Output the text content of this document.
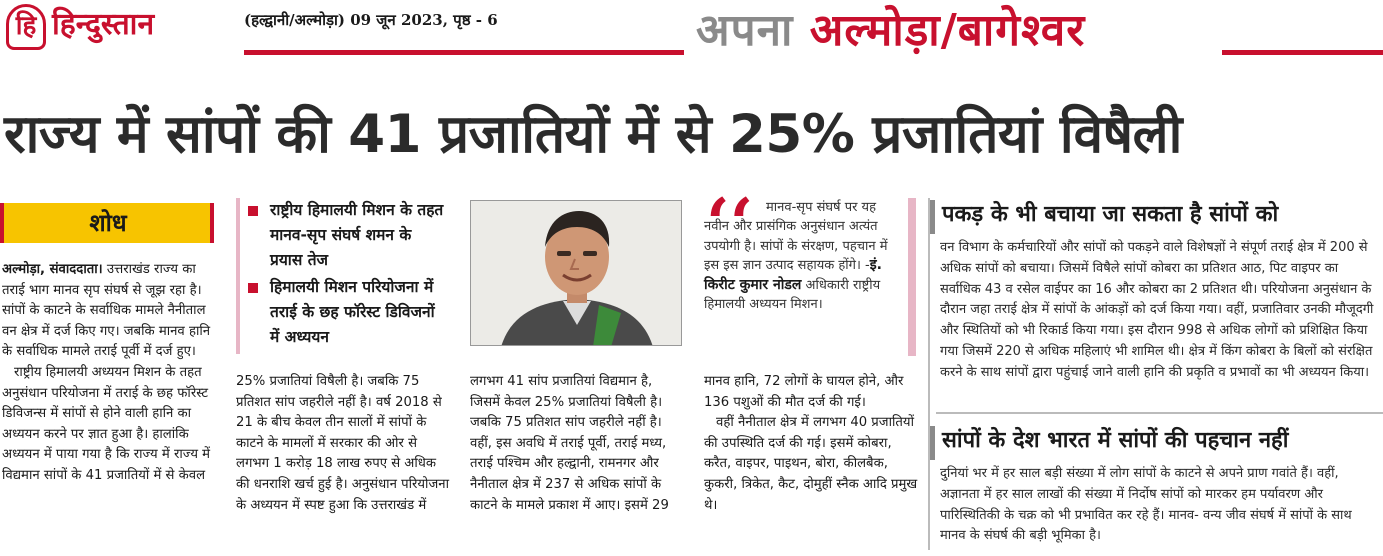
हि हिन्दुस्तान	(हल्द्वानी/अल्मोड़ा) 09 जून 2023, पृष्ठ - 6	अपना अल्मोड़ा/बागेश्वर
राज्य में सांपों की 41 प्रजातियों में से 25% प्रजातियां विषैली
शोध

अल्मोड़ा, संवाददाता। उत्तराखंड राज्य का तराई भाग मानव सृप संघर्ष से जूझ रहा है। सांपों के काटने के सर्वाधिक मामले नैनीताल वन क्षेत्र में दर्ज किए गए। जबकि मानव हानि के सर्वाधिक मामले तराई पूर्वी में दर्ज हुए।

राष्ट्रीय हिमालयी अध्ययन मिशन के तहत अनुसंधान परियोजना में तराई के छह फॉरेस्ट डिविजन्स में सांपों से होने वाली हानि का अध्ययन करने पर ज्ञात हुआ है। हालांकि अध्ययन में पाया गया है कि राज्य में राज्य में विद्यमान सांपों के 41 प्रजातियों में से केवल

राष्ट्रीय हिमालयी मिशन के तहत मानव-सृप संघर्ष शमन के प्रयास तेज
हिमालयी मिशन परियोजना में तराई के छह फॉरेस्ट डिविजनों में अध्ययन

25% प्रजातियां विषैली है। जबकि 75 प्रतिशत सांप जहरीले नहीं है। वर्ष 2018 से 21 के बीच केवल तीन सालों में सांपों के काटने के मामलों में सरकार की ओर से लगभग 1 करोड़ 18 लाख रुपए से अधिक की धनराशि खर्च हुई है। अनुसंधान परियोजना के अध्ययन में स्पष्ट हुआ कि उत्तराखंड में

लगभग 41 सांप प्रजातियां विद्यमान है, जिसमें केवल 25% प्रजातियां विषैली है। जबकि 75 प्रतिशत सांप जहरीले नहीं है। वहीं, इस अवधि में तराई पूर्वी, तराई मध्य, तराई पश्चिम और हल्द्वानी, रामनगर और नैनीताल क्षेत्र में 237 से अधिक सांपों के काटने के मामले प्रकाश में आए। इसमें 29

‘‘ मानव-सृप संघर्ष पर यह नवीन और प्रासंगिक अनुसंधान अत्यंत उपयोगी है। सांपों के संरक्षण, पहचान में इस इस ज्ञान उत्पाद सहायक होंगे। -इं. किरीट कुमार नोडल अधिकारी राष्ट्रीय हिमालयी अध्ययन मिशन।

मानव हानि, 72 लोगों के घायल होने, और 136 पशुओं की मौत दर्ज की गई।

वहीं नैनीताल क्षेत्र में लगभग 40 प्रजातियों की उपस्थिति दर्ज की गई। इसमें कोबरा, करैत, वाइपर, पाइथन, बोरा, कीलबैक, कुकरी, त्रिकेत, कैट, दोमुहीं स्नैक आदि प्रमुख थे।

पकड़ के भी बचाया जा सकता है सांपों को
वन विभाग के कर्मचारियों और सांपों को पकड़ने वाले विशेषज्ञों ने संपूर्ण तराई क्षेत्र में 200 से अधिक सांपों को बचाया। जिसमें विषैले सांपों कोबरा का प्रतिशत आठ, पिट वाइपर का सर्वाधिक 43 व रसेल वाईपर का 16 और कोबरा का 2 प्रतिशत थी। परियोजना अनुसंधान के दौरान जहा तराई क्षेत्र में सांपों के आंकड़ों को दर्ज किया गया। वहीं, प्रजातिवार उनकी मौजूदगी और स्थितियों को भी रिकार्ड किया गया। इस दौरान 998 से अधिक लोगों को प्रशिक्षित किया गया जिसमें 220 से अधिक महिलाएं भी शामिल थी। क्षेत्र में किंग कोबरा के बिलों को संरक्षित करने के साथ सांपों द्वारा पहुंचाई जाने वाली हानि की प्रकृति व प्रभावों का भी अध्ययन किया।
सांपों के देश भारत में सांपों की पहचान नहीं
दुनियां भर में हर साल बड़ी संख्या में लोग सांपों के काटने से अपने प्राण गवांते हैं। वहीं, अज्ञानता में हर साल लाखों की संख्या में निर्दोष सांपों को मारकर हम पर्यावरण और पारिस्थितिकी के चक्र को भी प्रभावित कर रहे हैं। मानव- वन्य जीव संघर्ष में सांपों के साथ मानव के संघर्ष की बड़ी भूमिका है।
